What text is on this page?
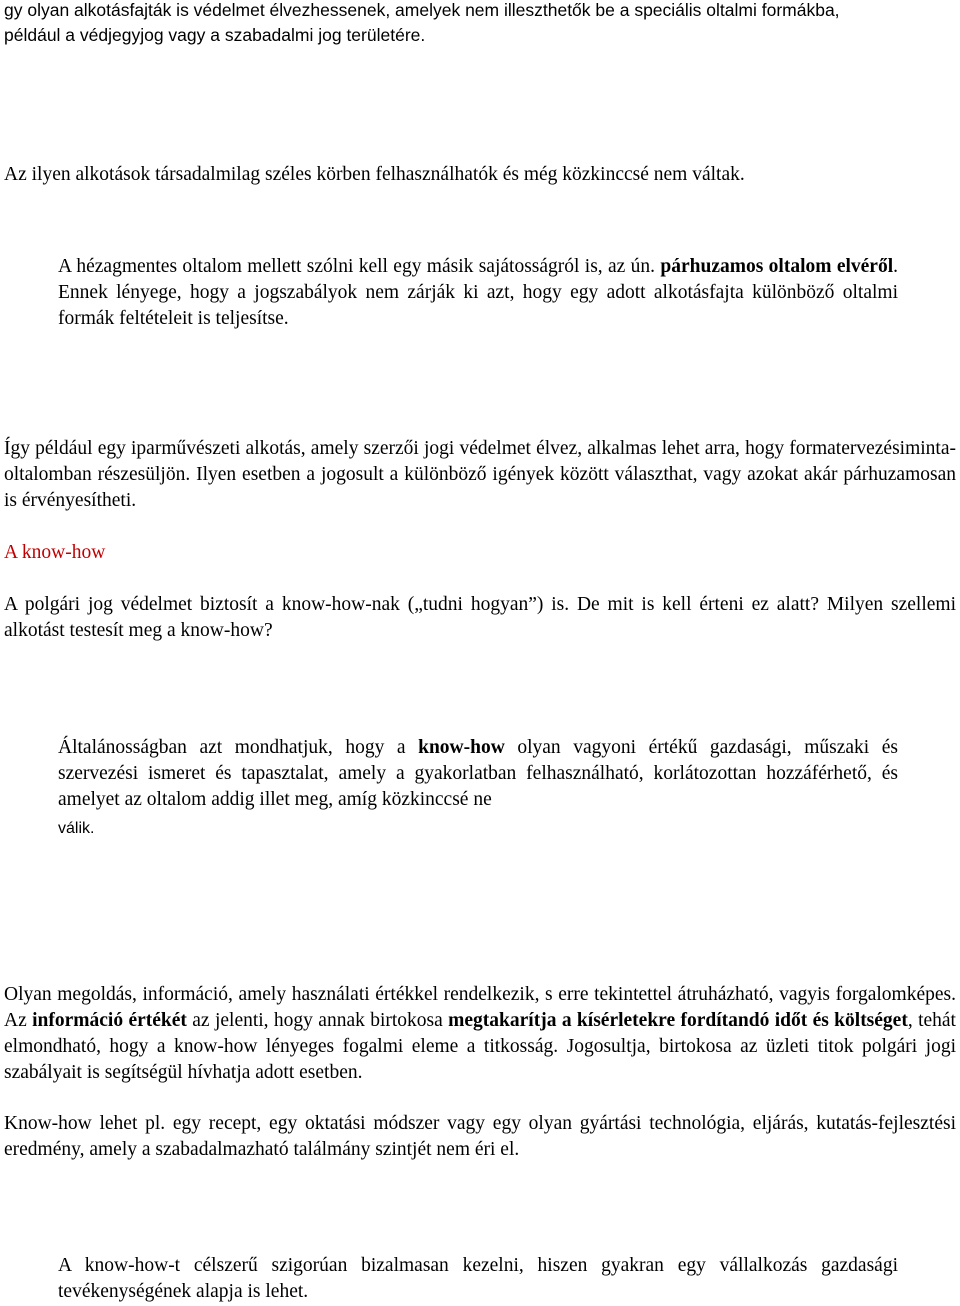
gy olyan alkotásfajták is védelmet élvezhessenek, amelyek nem illeszthetők be a speciális oltalmi formákba, például a védjegyjog vagy a szabadalmi jog területére.

Az ilyen alkotások társadalmilag széles körben felhasználhatók és még közkinccsé nem váltak.

A hézagmentes oltalom mellett szólni kell egy másik sajátosságról is, az ún. párhuzamos oltalom elvéről. Ennek lényege, hogy a jogszabályok nem zárják ki azt, hogy egy adott alkotásfajta különböző oltalmi formák feltételeit is teljesítse.

Így például egy iparművészeti alkotás, amely szerzői jogi védelmet élvez, alkalmas lehet arra, hogy formatervezésiminta-oltalomban részesüljön. Ilyen esetben a jogosult a különböző igények között választhat, vagy azokat akár párhuzamosan is érvényesítheti.

A know-how

A polgári jog védelmet biztosít a know-how-nak („tudni hogyan”) is. De mit is kell érteni ez alatt? Milyen szellemi alkotást testesít meg a know-how?

Általánosságban azt mondhatjuk, hogy a know-how olyan vagyoni értékű gazdasági, műszaki és szervezési ismeret és tapasztalat, amely a gyakorlatban felhasználható, korlátozottan hozzáférhető, és amelyet az oltalom addig illet meg, amíg közkinccsé ne

válik.

Olyan megoldás, információ, amely használati értékkel rendelkezik, s erre tekintettel átruházható, vagyis forgalomképes. Az információ értékét az jelenti, hogy annak birtokosa megtakarítja a kísérletekre fordítandó időt és költséget, tehát elmondható, hogy a know-how lényeges fogalmi eleme a titkosság. Jogosultja, birtokosa az üzleti titok polgári jogi szabályait is segítségül hívhatja adott esetben.

Know-how lehet pl. egy recept, egy oktatási módszer vagy egy olyan gyártási technológia, eljárás, kutatás-fejlesztési eredmény, amely a szabadalmazható találmány szintjét nem éri el.

A know-how-t célszerű szigorúan bizalmasan kezelni, hiszen gyakran egy vállalkozás gazdasági tevékenységének alapja is lehet.
